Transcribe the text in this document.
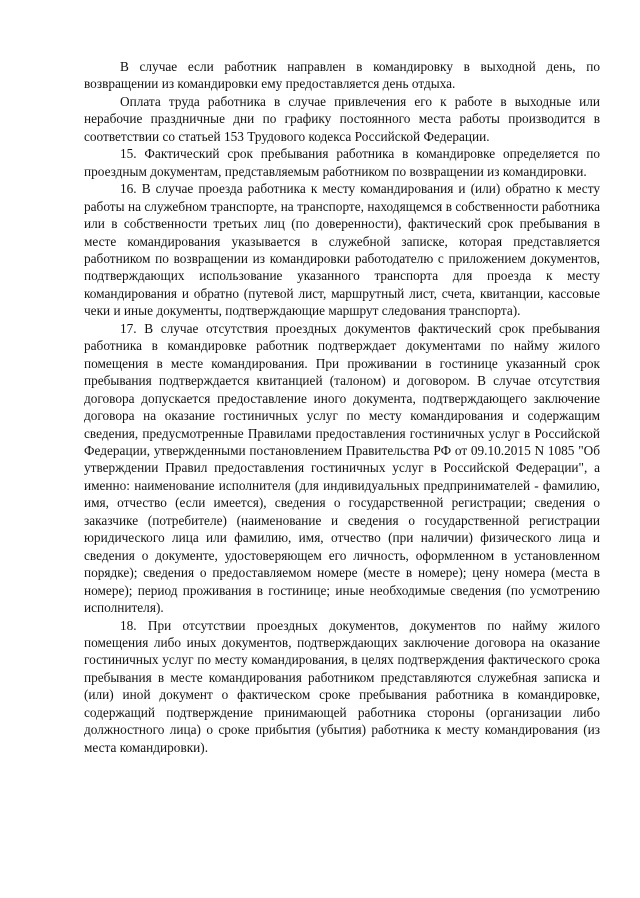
В случае если работник направлен в командировку в выходной день, по возвращении из командировки ему предоставляется день отдыха.

Оплата труда работника в случае привлечения его к работе в выходные или нерабочие праздничные дни по графику постоянного места работы производится в соответствии со статьей 153 Трудового кодекса Российской Федерации.

15. Фактический срок пребывания работника в командировке определяется по проездным документам, представляемым работником по возвращении из командировки.

16. В случае проезда работника к месту командирования и (или) обратно к месту работы на служебном транспорте, на транспорте, находящемся в собственности работника или в собственности третьих лиц (по доверенности), фактический срок пребывания в месте командирования указывается в служебной записке, которая представляется работником по возвращении из командировки работодателю с приложением документов, подтверждающих использование указанного транспорта для проезда к месту командирования и обратно (путевой лист, маршрутный лист, счета, квитанции, кассовые чеки и иные документы, подтверждающие маршрут следования транспорта).

17. В случае отсутствия проездных документов фактический срок пребывания работника в командировке работник подтверждает документами по найму жилого помещения в месте командирования. При проживании в гостинице указанный срок пребывания подтверждается квитанцией (талоном) и договором. В случае отсутствия договора допускается предоставление иного документа, подтверждающего заключение договора на оказание гостиничных услуг по месту командирования и содержащим сведения, предусмотренные Правилами предоставления гостиничных услуг в Российской Федерации, утвержденными постановлением Правительства РФ от 09.10.2015 N 1085 "Об утверждении Правил предоставления гостиничных услуг в Российской Федерации", а именно: наименование исполнителя (для индивидуальных предпринимателей - фамилию, имя, отчество (если имеется), сведения о государственной регистрации; сведения о заказчике (потребителе) (наименование и сведения о государственной регистрации юридического лица или фамилию, имя, отчество (при наличии) физического лица и сведения о документе, удостоверяющем его личность, оформленном в установленном порядке); сведения о предоставляемом номере (месте в номере); цену номера (места в номере); период проживания в гостинице; иные необходимые сведения (по усмотрению исполнителя).

18. При отсутствии проездных документов, документов по найму жилого помещения либо иных документов, подтверждающих заключение договора на оказание гостиничных услуг по месту командирования, в целях подтверждения фактического срока пребывания в месте командирования работником представляются служебная записка и (или) иной документ о фактическом сроке пребывания работника в командировке, содержащий подтверждение принимающей работника стороны (организации либо должностного лица) о сроке прибытия (убытия) работника к месту командирования (из места командировки).
